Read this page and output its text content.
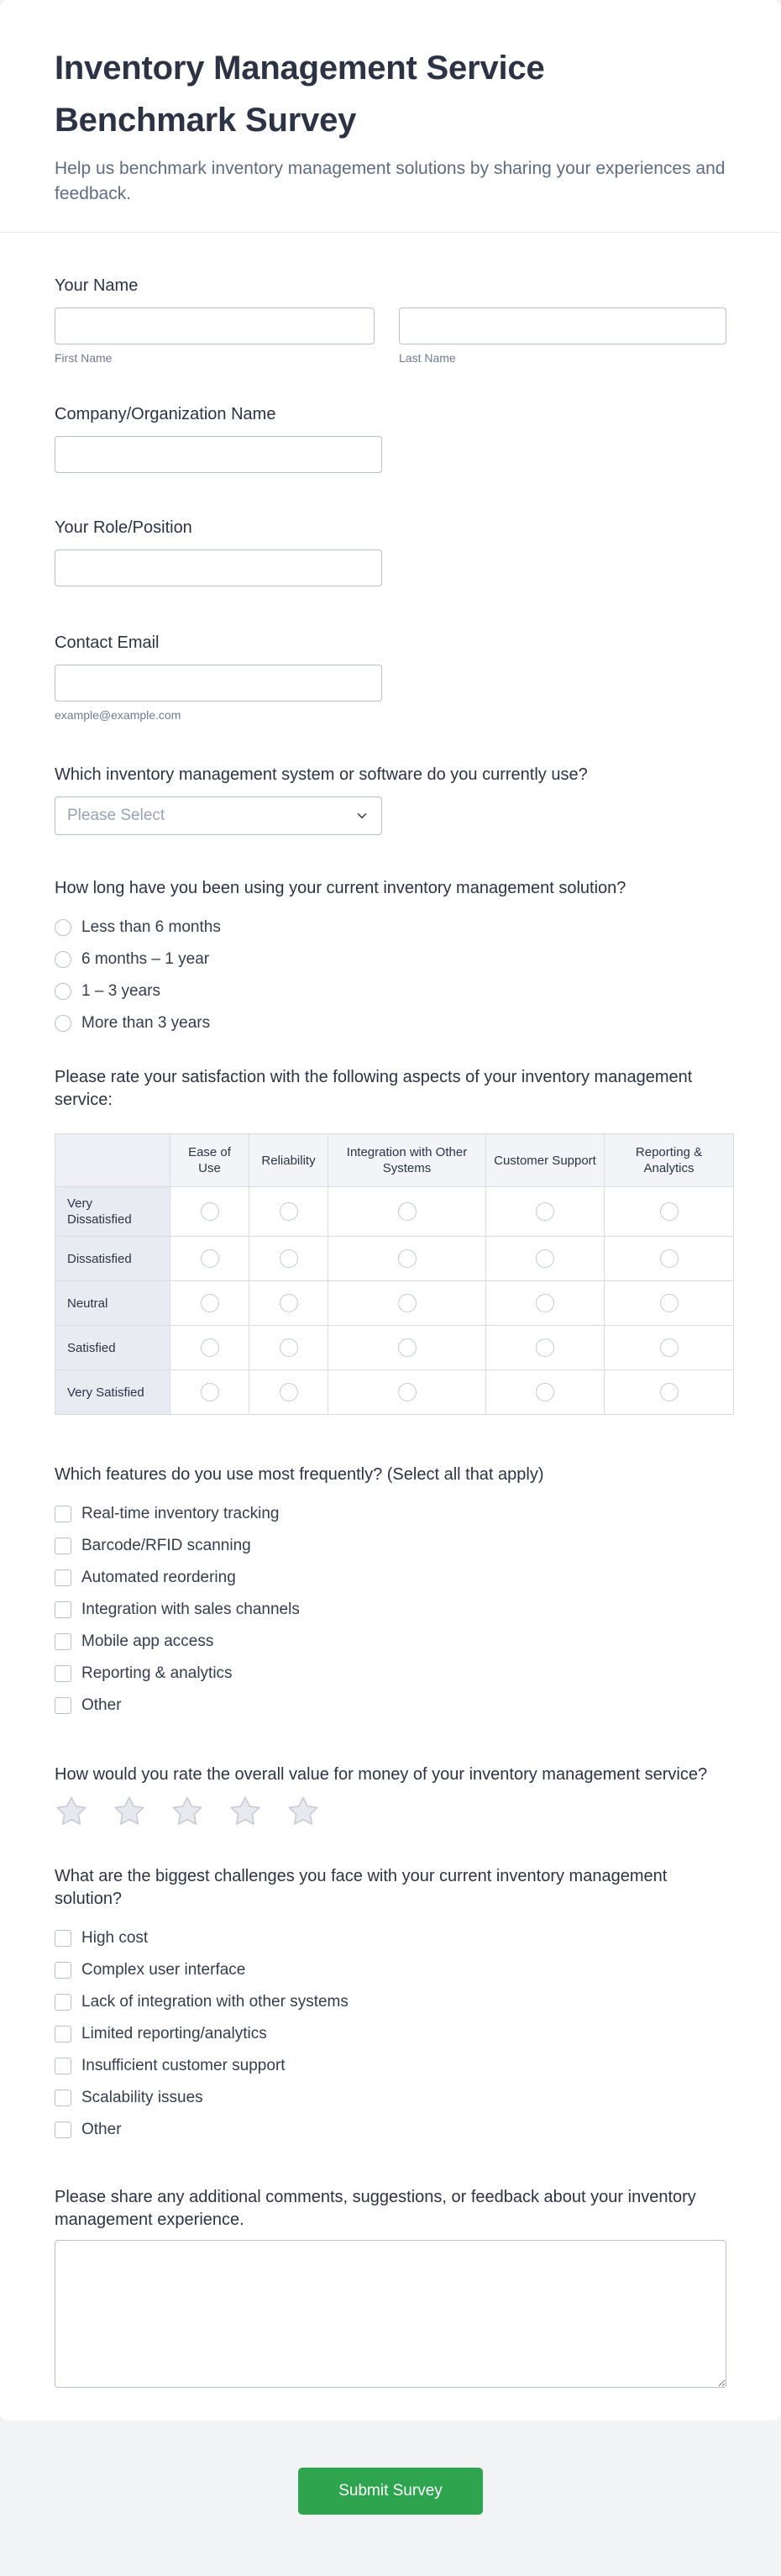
Inventory Management Service Benchmark Survey

Help us benchmark inventory management solutions by sharing your experiences and feedback.

Your Name
First Name	Last Name
Company/Organization Name
Your Role/Position
Contact Email
example@example.com
Which inventory management system or software do you currently use?
Please Select
How long have you been using your current inventory management solution?
Less than 6 months
6 months – 1 year
1 – 3 years
More than 3 years
Please rate your satisfaction with the following aspects of your inventory management service:
	Ease of Use	Reliability	Integration with Other Systems	Customer Support	Reporting & Analytics
Very Dissatisfied					
Dissatisfied					
Neutral					
Satisfied					
Very Satisfied					
Which features do you use most frequently? (Select all that apply)
Real-time inventory tracking
Barcode/RFID scanning
Automated reordering
Integration with sales channels
Mobile app access
Reporting & analytics
Other
How would you rate the overall value for money of your inventory management service?
What are the biggest challenges you face with your current inventory management solution?
High cost
Complex user interface
Lack of integration with other systems
Limited reporting/analytics
Insufficient customer support
Scalability issues
Other
Please share any additional comments, suggestions, or feedback about your inventory management experience.
Submit Survey
